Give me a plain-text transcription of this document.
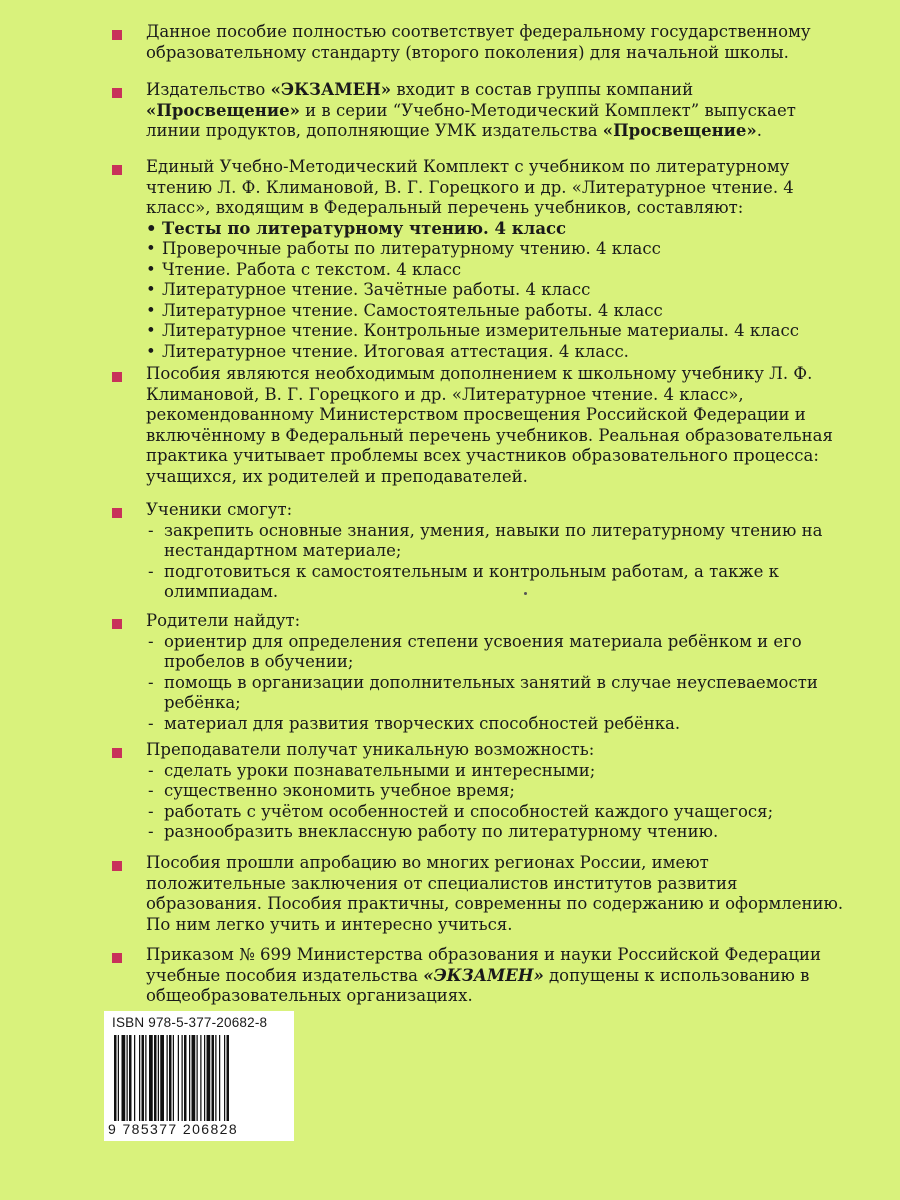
Данное пособие полностью соответствует федеральному государственному образовательному стандарту (второго поколения) для начальной школы.

Издательство «ЭКЗАМЕН» входит в состав группы компаний «Просвещение» и в серии “Учебно-Методический Комплект” выпускает линии продуктов, дополняющие УМК издательства «Просвещение».

Единый Учебно-Методический Комплект с учебником по литературному чтению Л. Ф. Климановой, В. Г. Горецкого и др. «Литературное чтение. 4 класс», входящим в Федеральный перечень учебников, составляют:

• Тесты по литературному чтению. 4 класс
• Проверочные работы по литературному чтению. 4 класс
• Чтение. Работа с текстом. 4 класс
• Литературное чтение. Зачётные работы. 4 класс
• Литературное чтение. Самостоятельные работы. 4 класс
• Литературное чтение. Контрольные измерительные материалы. 4 класс
• Литературное чтение. Итоговая аттестация. 4 класс.

Пособия являются необходимым дополнением к школьному учебнику Л. Ф. Климановой, В. Г. Горецкого и др. «Литературное чтение. 4 класс», рекомендованному Министерством просвещения Российской Федерации и включённому в Федеральный перечень учебников. Реальная образовательная практика учитывает проблемы всех участников образовательного процесса: учащихся, их родителей и преподавателей.

Ученики смогут:

- закрепить основные знания, умения, навыки по литературному чтению на нестандартном материале;
- подготовиться к самостоятельным и контрольным работам, а также к олимпиадам.

Родители найдут:

- ориентир для определения степени усвоения материала ребёнком и его пробелов в обучении;
- помощь в организации дополнительных занятий в случае неуспеваемости ребёнка;
- материал для развития творческих способностей ребёнка.

Преподаватели получат уникальную возможность:

- сделать уроки познавательными и интересными;
- существенно экономить учебное время;
- работать с учётом особенностей и способностей каждого учащегося;
- разнообразить внеклассную работу по литературному чтению.

Пособия прошли апробацию во многих регионах России, имеют положительные заключения от специалистов институтов развития образования. Пособия практичны, современны по содержанию и оформлению. По ним легко учить и интересно учиться.

Приказом № 699 Министерства образования и науки Российской Федерации учебные пособия издательства «ЭКЗАМЕН» допущены к использованию в общеобразовательных организациях.

ISBN 978-5-377-20682-8
9 785377 206828
